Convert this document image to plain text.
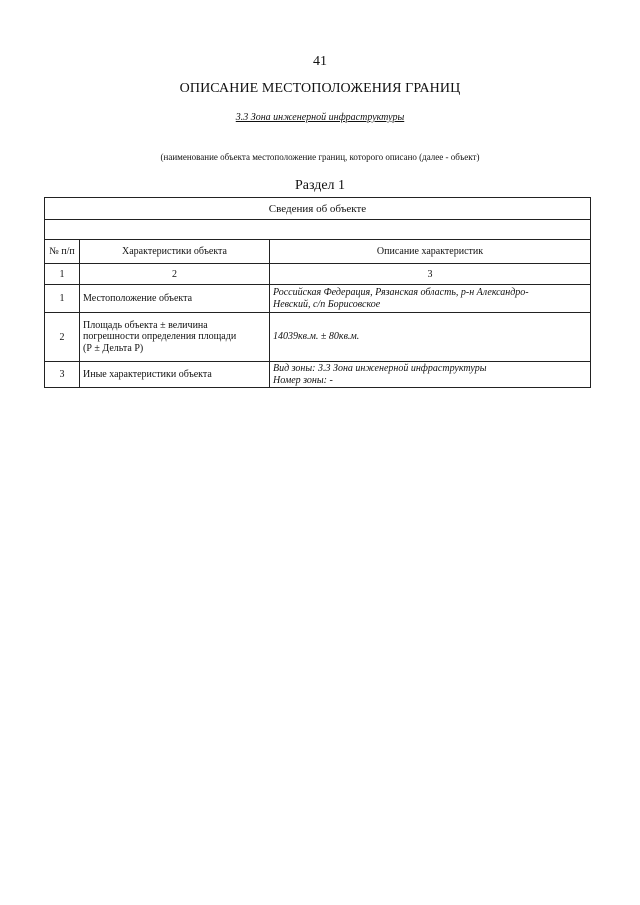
41
ОПИСАНИЕ МЕСТОПОЛОЖЕНИЯ ГРАНИЦ
3.3 Зона инженерной инфраструктуры
(наименование объекта местоположение границ, которого описано (далее - объект)
Раздел 1
Сведения об объекте		

№ п/п	Характеристики объекта	Описание характеристик
1	2	3
1	Местоположение объекта	Российская Федерация, Рязанская область, р-н Александро-
Невский, с/п Борисовское

2	Площадь объекта ± величина
погрешности определения площади
(Р ± Дельта Р)	14039кв.м. ± 80кв.м.
3	Иные характеристики объекта	Вид зоны: 3.3 Зона инженерной инфраструктуры
Номер зоны: -
